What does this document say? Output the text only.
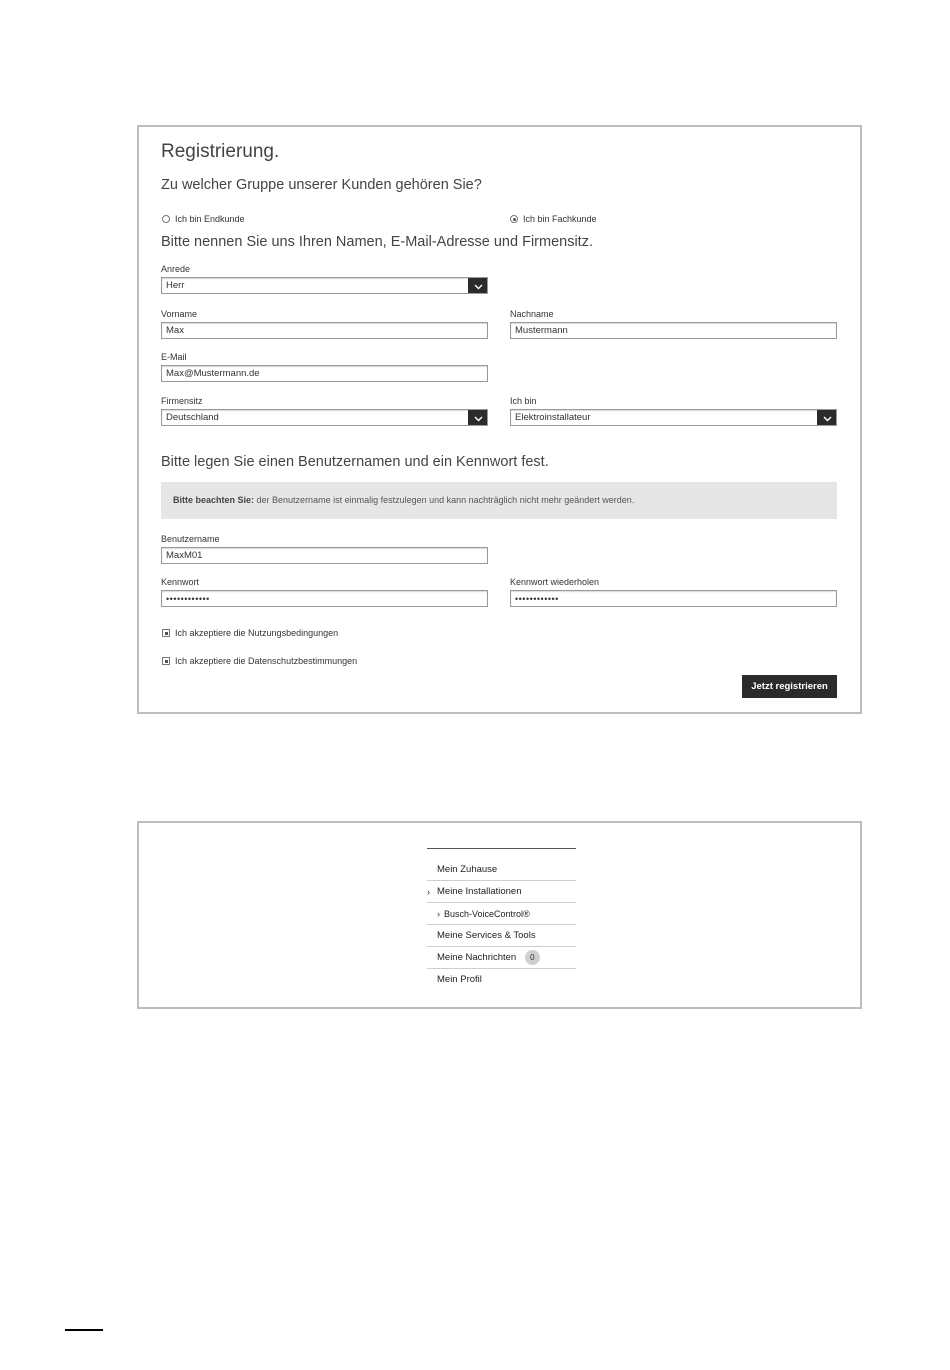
Registrierung.
Zu welcher Gruppe unserer Kunden gehören Sie?
Ich bin Endkunde	Ich bin Fachkunde
Bitte nennen Sie uns Ihren Namen, E-Mail-Adresse und Firmensitz.
Anrede
Herr
Vorname
Max
Nachname
Mustermann
E-Mail
Max@Mustermann.de
Firmensitz
Deutschland
Ich bin
Elektroinstallateur
Bitte legen Sie einen Benutzernamen und ein Kennwort fest.
Bitte beachten Sie: der Benutzername ist einmalig festzulegen und kann nachträglich nicht mehr geändert werden.
Benutzername
MaxM01
Kennwort
••••••••••••
Kennwort wiederholen
••••••••••••
Ich akzeptiere die Nutzungsbedingungen
Ich akzeptiere die Datenschutzbestimmungen
Jetzt registrieren
Mein Zuhause
› Meine Installationen
› Busch-VoiceControl®
Meine Services & Tools
Meine Nachrichten 0
Mein Profil
